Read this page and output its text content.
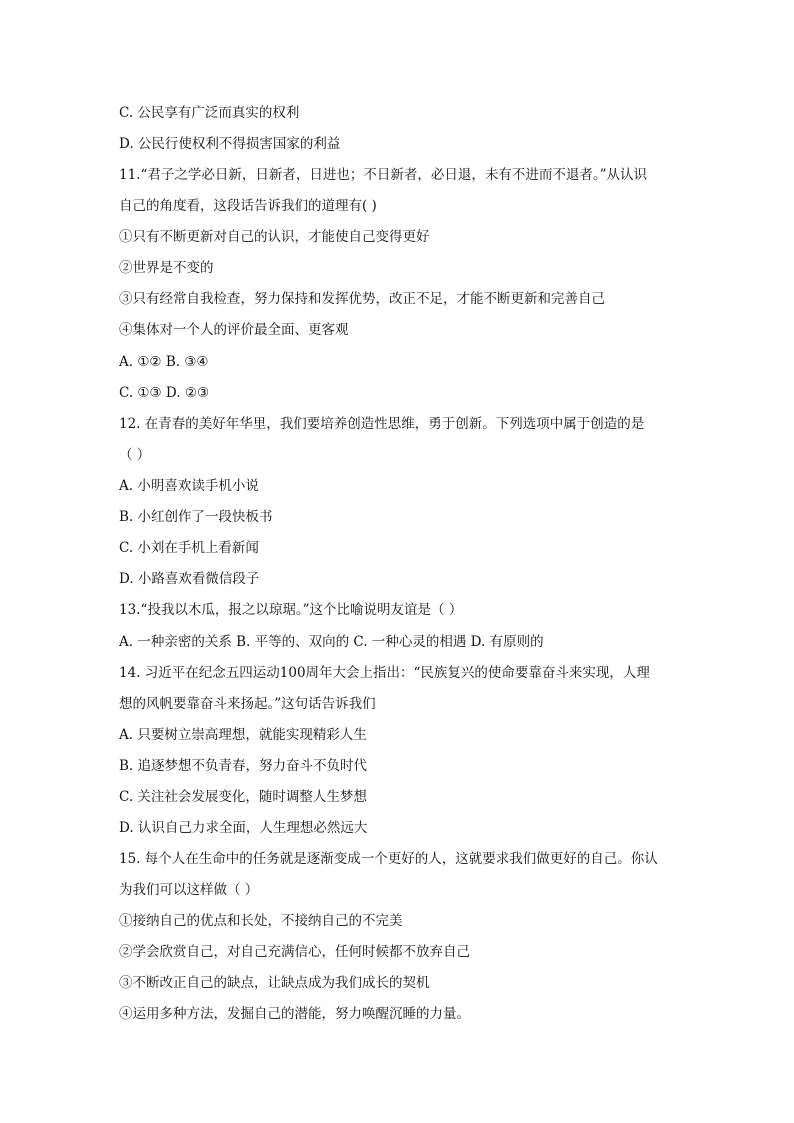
C. 公民享有广泛而真实的权利
D. 公民行使权利不得损害国家的利益
11.“君子之学必日新，日新者，日进也；不日新者，必日退，未有不进而不退者。”从认识
自己的角度看，这段话告诉我们的道理有( )
①只有不断更新对自己的认识，才能使自己变得更好
②世界是不变的
③只有经常自我检查，努力保持和发挥优势，改正不足，才能不断更新和完善自己
④集体对一个人的评价最全面、更客观
A. ①② B. ③④
C. ①③ D. ②③
12. 在青春的美好年华里，我们要培养创造性思维，勇于创新。下列选项中属于创造的是
（ ）
A. 小明喜欢读手机小说
B. 小红创作了一段快板书
C. 小刘在手机上看新闻
D. 小路喜欢看微信段子
13.“投我以木瓜，报之以琼琚。”这个比喻说明友谊是（ ）
A. 一种亲密的关系 B. 平等的、双向的 C. 一种心灵的相遇 D. 有原则的
14. 习近平在纪念五四运动100周年大会上指出：“民族复兴的使命要靠奋斗来实现，人理
想的风帆要靠奋斗来扬起。”这句话告诉我们
A. 只要树立崇高理想，就能实现精彩人生
B. 追逐梦想不负青春，努力奋斗不负时代
C. 关注社会发展变化，随时调整人生梦想
D. 认识自己力求全面，人生理想必然远大
15. 每个人在生命中的任务就是逐渐变成一个更好的人，这就要求我们做更好的自己。你认
为我们可以这样做（ ）
①接纳自己的优点和长处，不接纳自己的不完美
②学会欣赏自己，对自己充满信心，任何时候都不放弃自己
③不断改正自己的缺点，让缺点成为我们成长的契机
④运用多种方法，发掘自己的潜能，努力唤醒沉睡的力量。
